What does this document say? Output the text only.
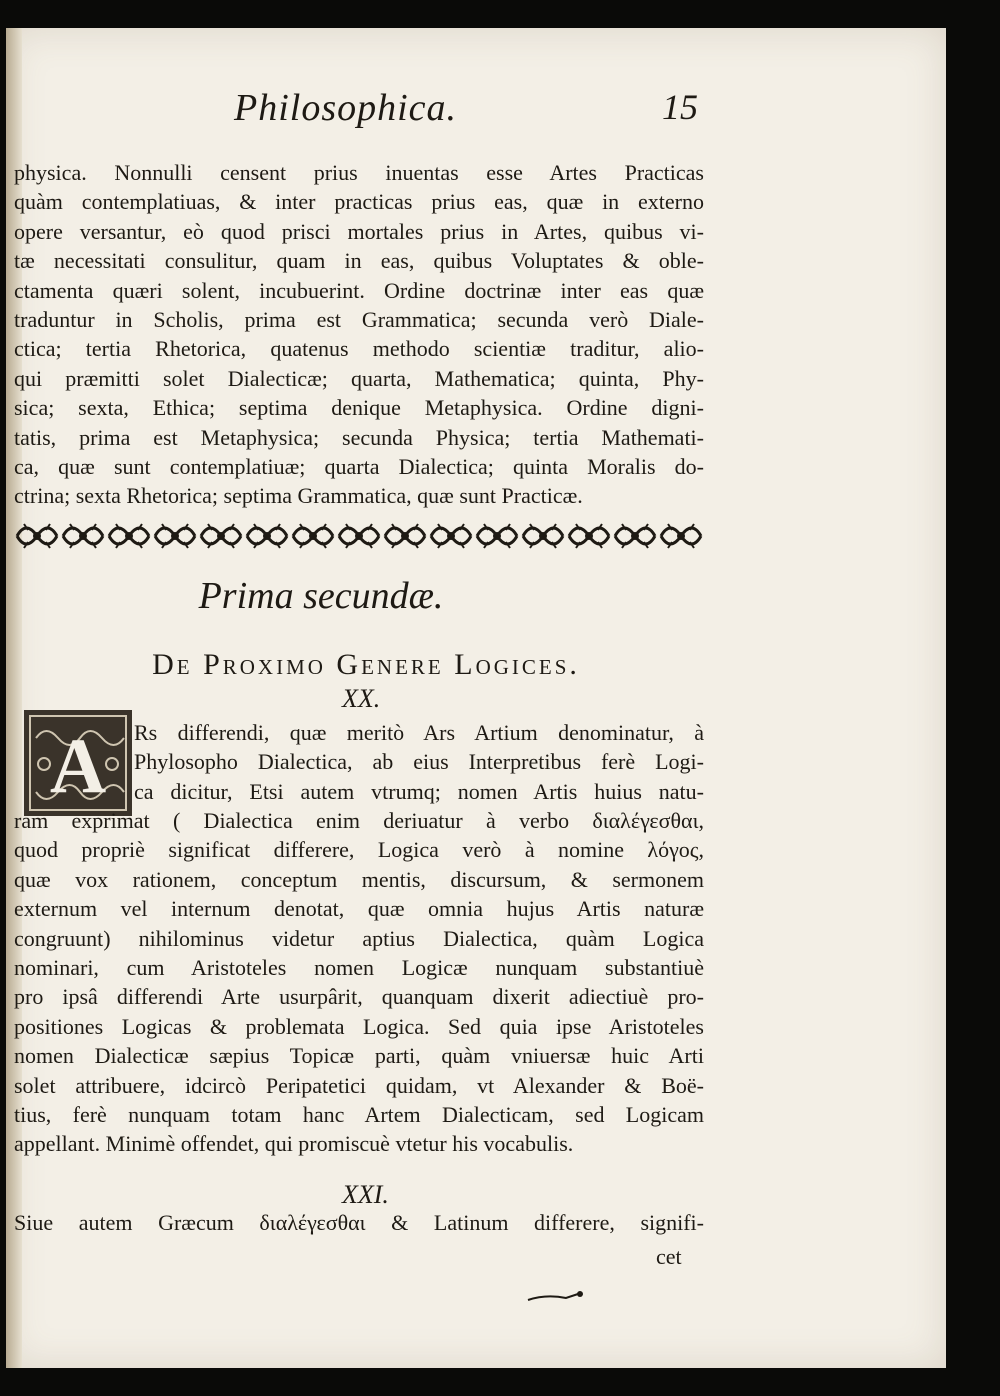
Philosophica.	15
physica. Nonnulli censent prius inuentas esse Artes Practicas
quàm contemplatiuas, & inter practicas prius eas, quæ in externo
opere versantur, eò quod prisci mortales prius in Artes, quibus vi-
tæ necessitati consulitur, quam in eas, quibus Voluptates & oble-
ctamenta quæri solent, incubuerint. Ordine doctrinæ inter eas quæ
traduntur in Scholis, prima est Grammatica; secunda verò Diale-
ctica; tertia Rhetorica, quatenus methodo scientiæ traditur, alio-
qui præmitti solet Dialecticæ; quarta, Mathematica; quinta, Phy-
sica; sexta, Ethica; septima denique Metaphysica. Ordine digni-
tatis, prima est Metaphysica; secunda Physica; tertia Mathemati-
ca, quæ sunt contemplatiuæ; quarta Dialectica; quinta Moralis do-
ctrina; sexta Rhetorica; septima Grammatica, quæ sunt Practicæ.
Prima secundæ.
De Proximo Genere Logices.
XX.
A Rs differendi, quæ meritò Ars Artium denominatur, à
Phylosopho Dialectica, ab eius Interpretibus ferè Logi-
ca dicitur, Etsi autem vtrumq; nomen Artis huius natu-
ram exprimat ( Dialectica enim deriuatur à verbo διαλέγεσθαι,
quod propriè significat differere, Logica verò à nomine λόγος,
quæ vox rationem, conceptum mentis, discursum, & sermonem
externum vel internum denotat, quæ omnia hujus Artis naturæ
congruunt) nihilominus videtur aptius Dialectica, quàm Logica
nominari, cum Aristoteles nomen Logicæ nunquam substantiuè
pro ipsâ differendi Arte usurpârit, quanquam dixerit adiectiuè pro-
positiones Logicas & problemata Logica. Sed quia ipse Aristoteles
nomen Dialecticæ sæpius Topicæ parti, quàm vniuersæ huic Arti
solet attribuere, idcircò Peripatetici quidam, vt Alexander & Boë-
tius, ferè nunquam totam hanc Artem Dialecticam, sed Logicam
appellant. Minimè offendet, qui promiscuè vtetur his vocabulis.
XXI.
Siue autem Græcum διαλέγεσθαι & Latinum differere, signifi-
cet
